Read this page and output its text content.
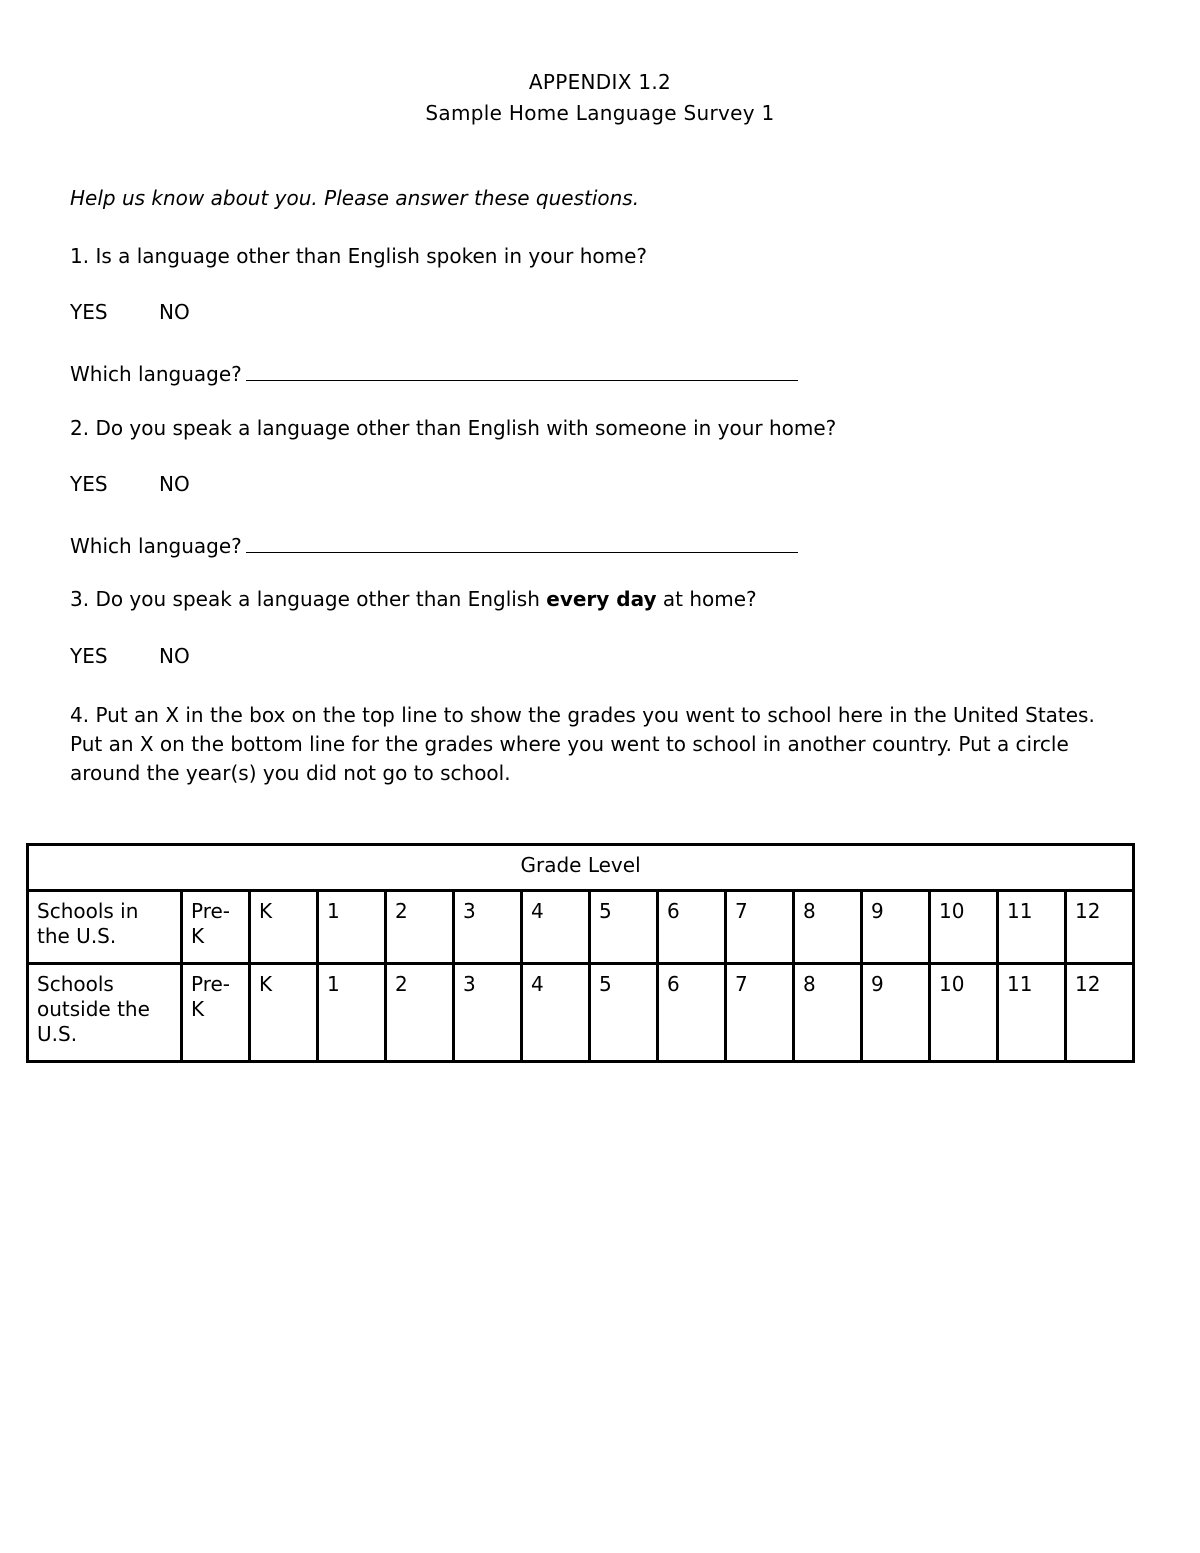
APPENDIX 1.2
Sample Home Language Survey 1
Help us know about you. Please answer these questions.
1. Is a language other than English spoken in your home?
YES	NO
Which language?
2. Do you speak a language other than English with someone in your home?
YES	NO
Which language?
3. Do you speak a language other than English every day at home?
YES	NO
4. Put an X in the box on the top line to show the grades you went to school here in the United States. Put an X on the bottom line for the grades where you went to school in another country. Put a circle around the year(s) you did not go to school.
Grade Level														
Schools in the U.S.	Pre-K	K	1	2	3	4	5	6	7	8	9	10	11	12
Schools outside the U.S.	Pre-K	K	1	2	3	4	5	6	7	8	9	10	11	12
